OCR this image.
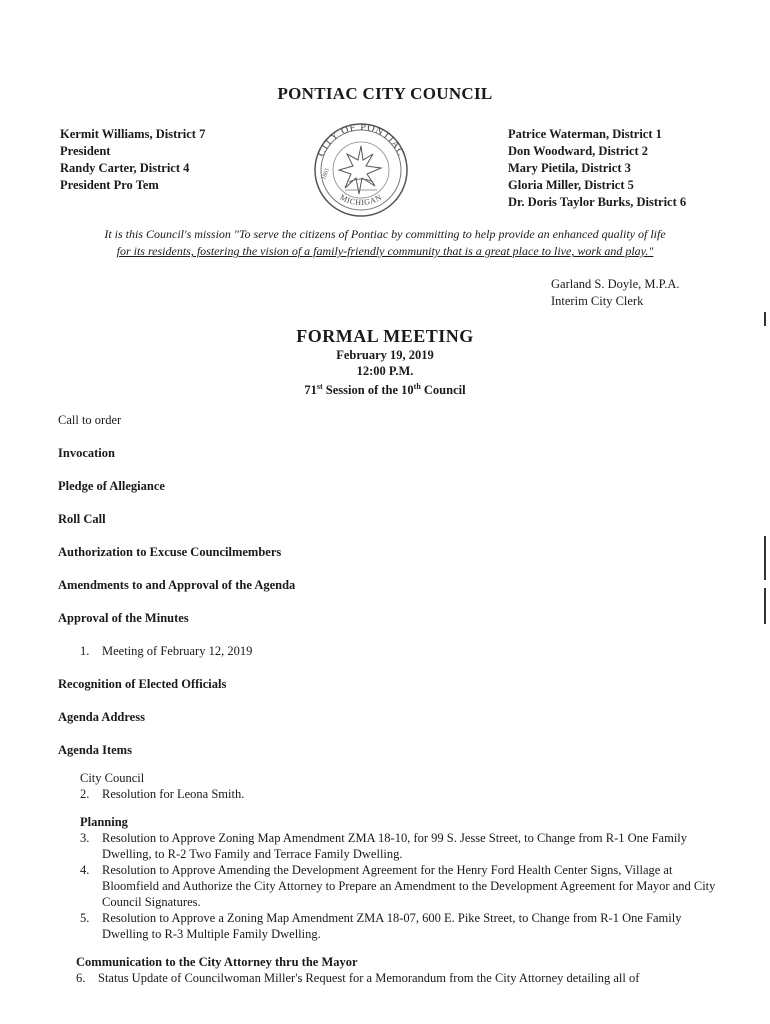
PONTIAC CITY COUNCIL
Kermit Williams, District 7
President
Randy Carter, District 4
President Pro Tem
CITY OF PONTIAC
MICHIGAN
1861
Patrice Waterman, District 1
Don Woodward, District 2
Mary Pietila, District 3
Gloria Miller, District 5
Dr. Doris Taylor Burks, District 6
It is this Council's mission "To serve the citizens of Pontiac by committing to help provide an enhanced quality of life
for its residents, fostering the vision of a family-friendly community that is a great place to live, work and play."
Garland S. Doyle, M.P.A.
Interim City Clerk
FORMAL MEETING
February 19, 2019
12:00 P.M.
71st Session of the 10th Council
Call to order
Invocation
Pledge of Allegiance
Roll Call
Authorization to Excuse Councilmembers
Amendments to and Approval of the Agenda
Approval of the Minutes
1.	Meeting of February 12, 2019
Recognition of Elected Officials
Agenda Address
Agenda Items
City Council
2.	Resolution for Leona Smith.
Planning
3.	Resolution to Approve Zoning Map Amendment ZMA 18-10, for 99 S. Jesse Street, to Change from R-1 One Family Dwelling, to R-2 Two Family and Terrace Family Dwelling.
4.	Resolution to Approve Amending the Development Agreement for the Henry Ford Health Center Signs, Village at Bloomfield and Authorize the City Attorney to Prepare an Amendment to the Development Agreement for Mayor and City Council Signatures.
5.	Resolution to Approve a Zoning Map Amendment ZMA 18-07, 600 E. Pike Street, to Change from R-1 One Family Dwelling to R-3 Multiple Family Dwelling.
Communication to the City Attorney thru the Mayor
6.	Status Update of Councilwoman Miller's Request for a Memorandum from the City Attorney detailing all of
